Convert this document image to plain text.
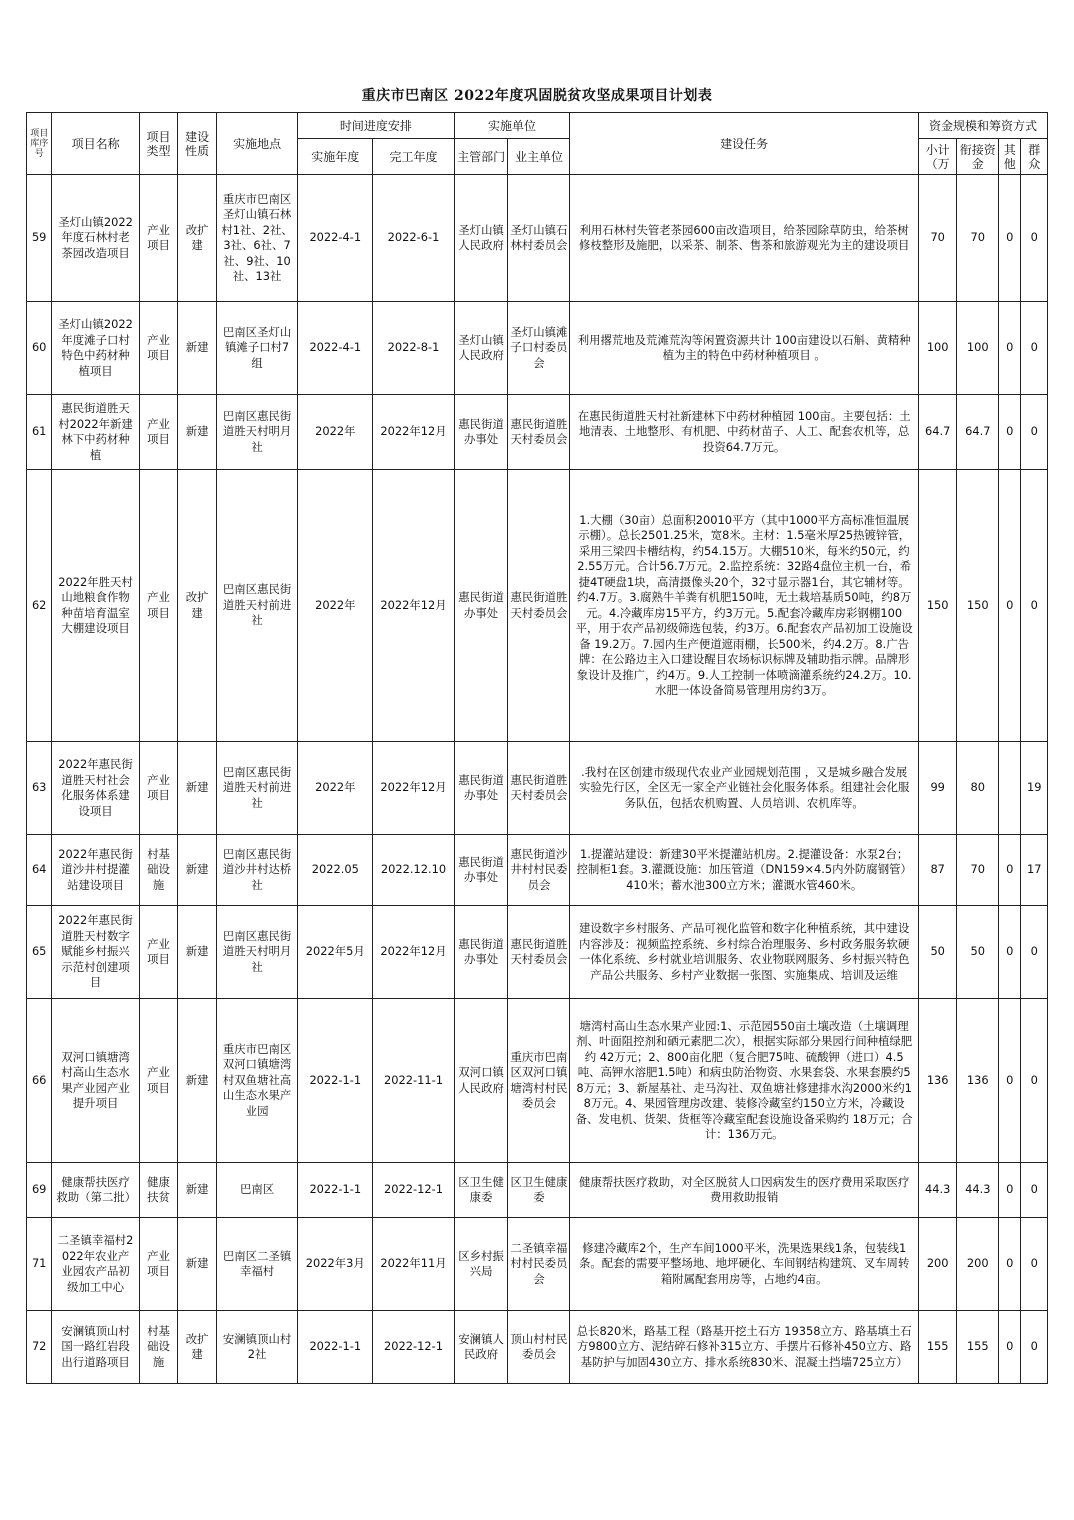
重庆市巴南区 2022年度巩固脱贫攻坚成果项目计划表
项目库序号	项目名称	项目类型	建设性质	实施地点	时间进度安排		实施单位		建设任务	资金规模和筹资方式			
					实施年度	完工年度	主管部门	业主单位		小计（万	衔接资金	其他	群众
59	圣灯山镇2022年度石林村老茶园改造项目	产业项目	改扩建	重庆市巴南区圣灯山镇石林村1社、2社、3社、6社、7社、9社、10社、13社	2022-4-1	2022-6-1	圣灯山镇人民政府	圣灯山镇石林村委员会	利用石林村失管老茶园600亩改造项目，给茶园除草防虫，给茶树修枝整形及施肥，以采茶、制茶、售茶和旅游观光为主的建设项目	70	70	0	0
60	圣灯山镇2022年度滩子口村特色中药材种植项目	产业项目	新建	巴南区圣灯山镇滩子口村7组	2022-4-1	2022-8-1	圣灯山镇人民政府	圣灯山镇滩子口村委员会	利用撂荒地及荒滩荒沟等闲置资源共计 100亩建设以石斛、黄精种植为主的特色中药材种植项目 。	100	100	0	0
61	惠民街道胜天村2022年新建林下中药材种植	产业项目	新建	巴南区惠民街道胜天村明月社	2022年	2022年12月	惠民街道办事处	惠民街道胜天村委员会	在惠民街道胜天村社新建林下中药材种植园 100亩。主要包括：土地清表、土地整形、有机肥、中药材苗子、人工、配套农机等，总投资64.7万元。	64.7	64.7	0	0
62	2022年胜天村山地粮食作物种苗培育温室大棚建设项目	产业项目	改扩建	巴南区惠民街道胜天村前进社	2022年	2022年12月	惠民街道办事处	惠民街道胜天村委员会	1.大棚（30亩）总面积20010平方（其中1000平方高标准恒温展示棚）。总长2501.25米，宽8米。主材：1.5毫米厚25热镀锌管，采用三梁四卡槽结构，约54.15万。大棚510米，每米约50元，约2.55万元。合计56.7万元。2.监控系统：32路4盘位主机一台，希捷4T硬盘1块，高清摄像头20个，32寸显示器1台，其它辅材等。约4.7万。3.腐熟牛羊粪有机肥150吨，无土栽培基质50吨，约8万元。4.冷藏库房15平方，约3万元。5.配套冷藏库房彩钢棚100平，用于农产品初级筛选包装，约3万。6.配套农产品初加工设施设备 19.2万。7.园内生产便道遮雨棚，长500米，约4.2万。8.广告牌：在公路边主入口建设醒目农场标识标牌及辅助指示牌。品牌形象设计及推广，约4万。9.人工控制一体喷滴灌系统约24.2万。10.水肥一体设备简易管理用房约3万。	150	150	0	0
63	2022年惠民街道胜天村社会化服务体系建设项目	产业项目	新建	巴南区惠民街道胜天村前进社	2022年	2022年12月	惠民街道办事处	惠民街道胜天村委员会	.我村在区创建市级现代农业产业园规划范围 ，又是城乡融合发展实验先行区，全区无一家全产业链社会化服务体系。组建社会化服务队伍，包括农机购置、人员培训、农机库等。	99	80		19
64	2022年惠民街道沙井村提灌站建设项目	村基础设施	新建	巴南区惠民街道沙井村达桥社	2022.05	2022.12.10	惠民街道办事处	惠民街道沙井村村民委员会	1.提灌站建设：新建30平米提灌站机房。2.提灌设备：水泵2台；控制柜1套。3.灌溉设施：加压管道（DN159×4.5内外防腐钢管）410米；蓄水池300立方米；灌溉水管460米。	87	70	0	17
65	2022年惠民街道胜天村数字赋能乡村振兴示范村创建项目	产业项目	新建	巴南区惠民街道胜天村明月社	2022年5月	2022年12月	惠民街道办事处	惠民街道胜天村委员会	建设数字乡村服务、产品可视化监管和数字化种植系统，其中建设内容涉及：视频监控系统、乡村综合治理服务、乡村政务服务软硬一体化系统、乡村就业培训服务、农业物联网服务、乡村振兴特色产品公共服务、乡村产业数据一张图、实施集成、培训及运维	50	50	0	0
66	双河口镇塘湾村高山生态水果产业园产业提升项目	产业项目	新建	重庆市巴南区双河口镇塘湾村双鱼塘社高山生态水果产业园	2022-1-1	2022-11-1	双河口镇人民政府	重庆市巴南区双河口镇塘湾村村民委员会	塘湾村高山生态水果产业园:1、示范园550亩土壤改造（土壤调理剂、叶面阻控剂和硒元素肥二次），根据实际部分果园行间种植绿肥约 42万元；2、800亩化肥（复合肥75吨、硫酸钾（进口）4.5吨、高钾水溶肥1.5吨）和病虫防治物资、水果套袋、水果套膜约58万元；3、新屋基社、走马沟社、双鱼塘社修建排水沟2000米约18万元。4、果园管理房改建、装修冷藏室约150立方米，冷藏设备、发电机、货架、货框等冷藏室配套设施设备采购约 18万元；合计：136万元。	136	136	0	0
69	健康帮扶医疗救助（第二批）	健康扶贫	新建	巴南区	2022-1-1	2022-12-1	区卫生健康委	区卫生健康委	健康帮扶医疗救助，对全区脱贫人口因病发生的医疗费用采取医疗费用救助报销	44.3	44.3	0	0
71	二圣镇幸福村2022年农业产业园农产品初级加工中心	产业项目	新建	巴南区二圣镇幸福村	2022年3月	2022年11月	区乡村振兴局	二圣镇幸福村村民委员会	修建冷藏库2个，生产车间1000平米，洗果选果线1条，包装线1条。配套的需要平整场地、地坪硬化、车间钢结构建筑、叉车周转箱附属配套用房等，占地约4亩。	200	200	0	0
72	安澜镇顶山村国一路红岩段出行道路项目	村基础设施	改扩建	安澜镇顶山村2社	2022-1-1	2022-12-1	安澜镇人民政府	顶山村村民委员会	总长820米，路基工程（路基开挖土石方 19358立方、路基填土石方9800立方、泥结碎石修补315立方、手摆片石修补450立方、路基防护与加固430立方、排水系统830米、混凝土挡墙725立方）	155	155	0	0
